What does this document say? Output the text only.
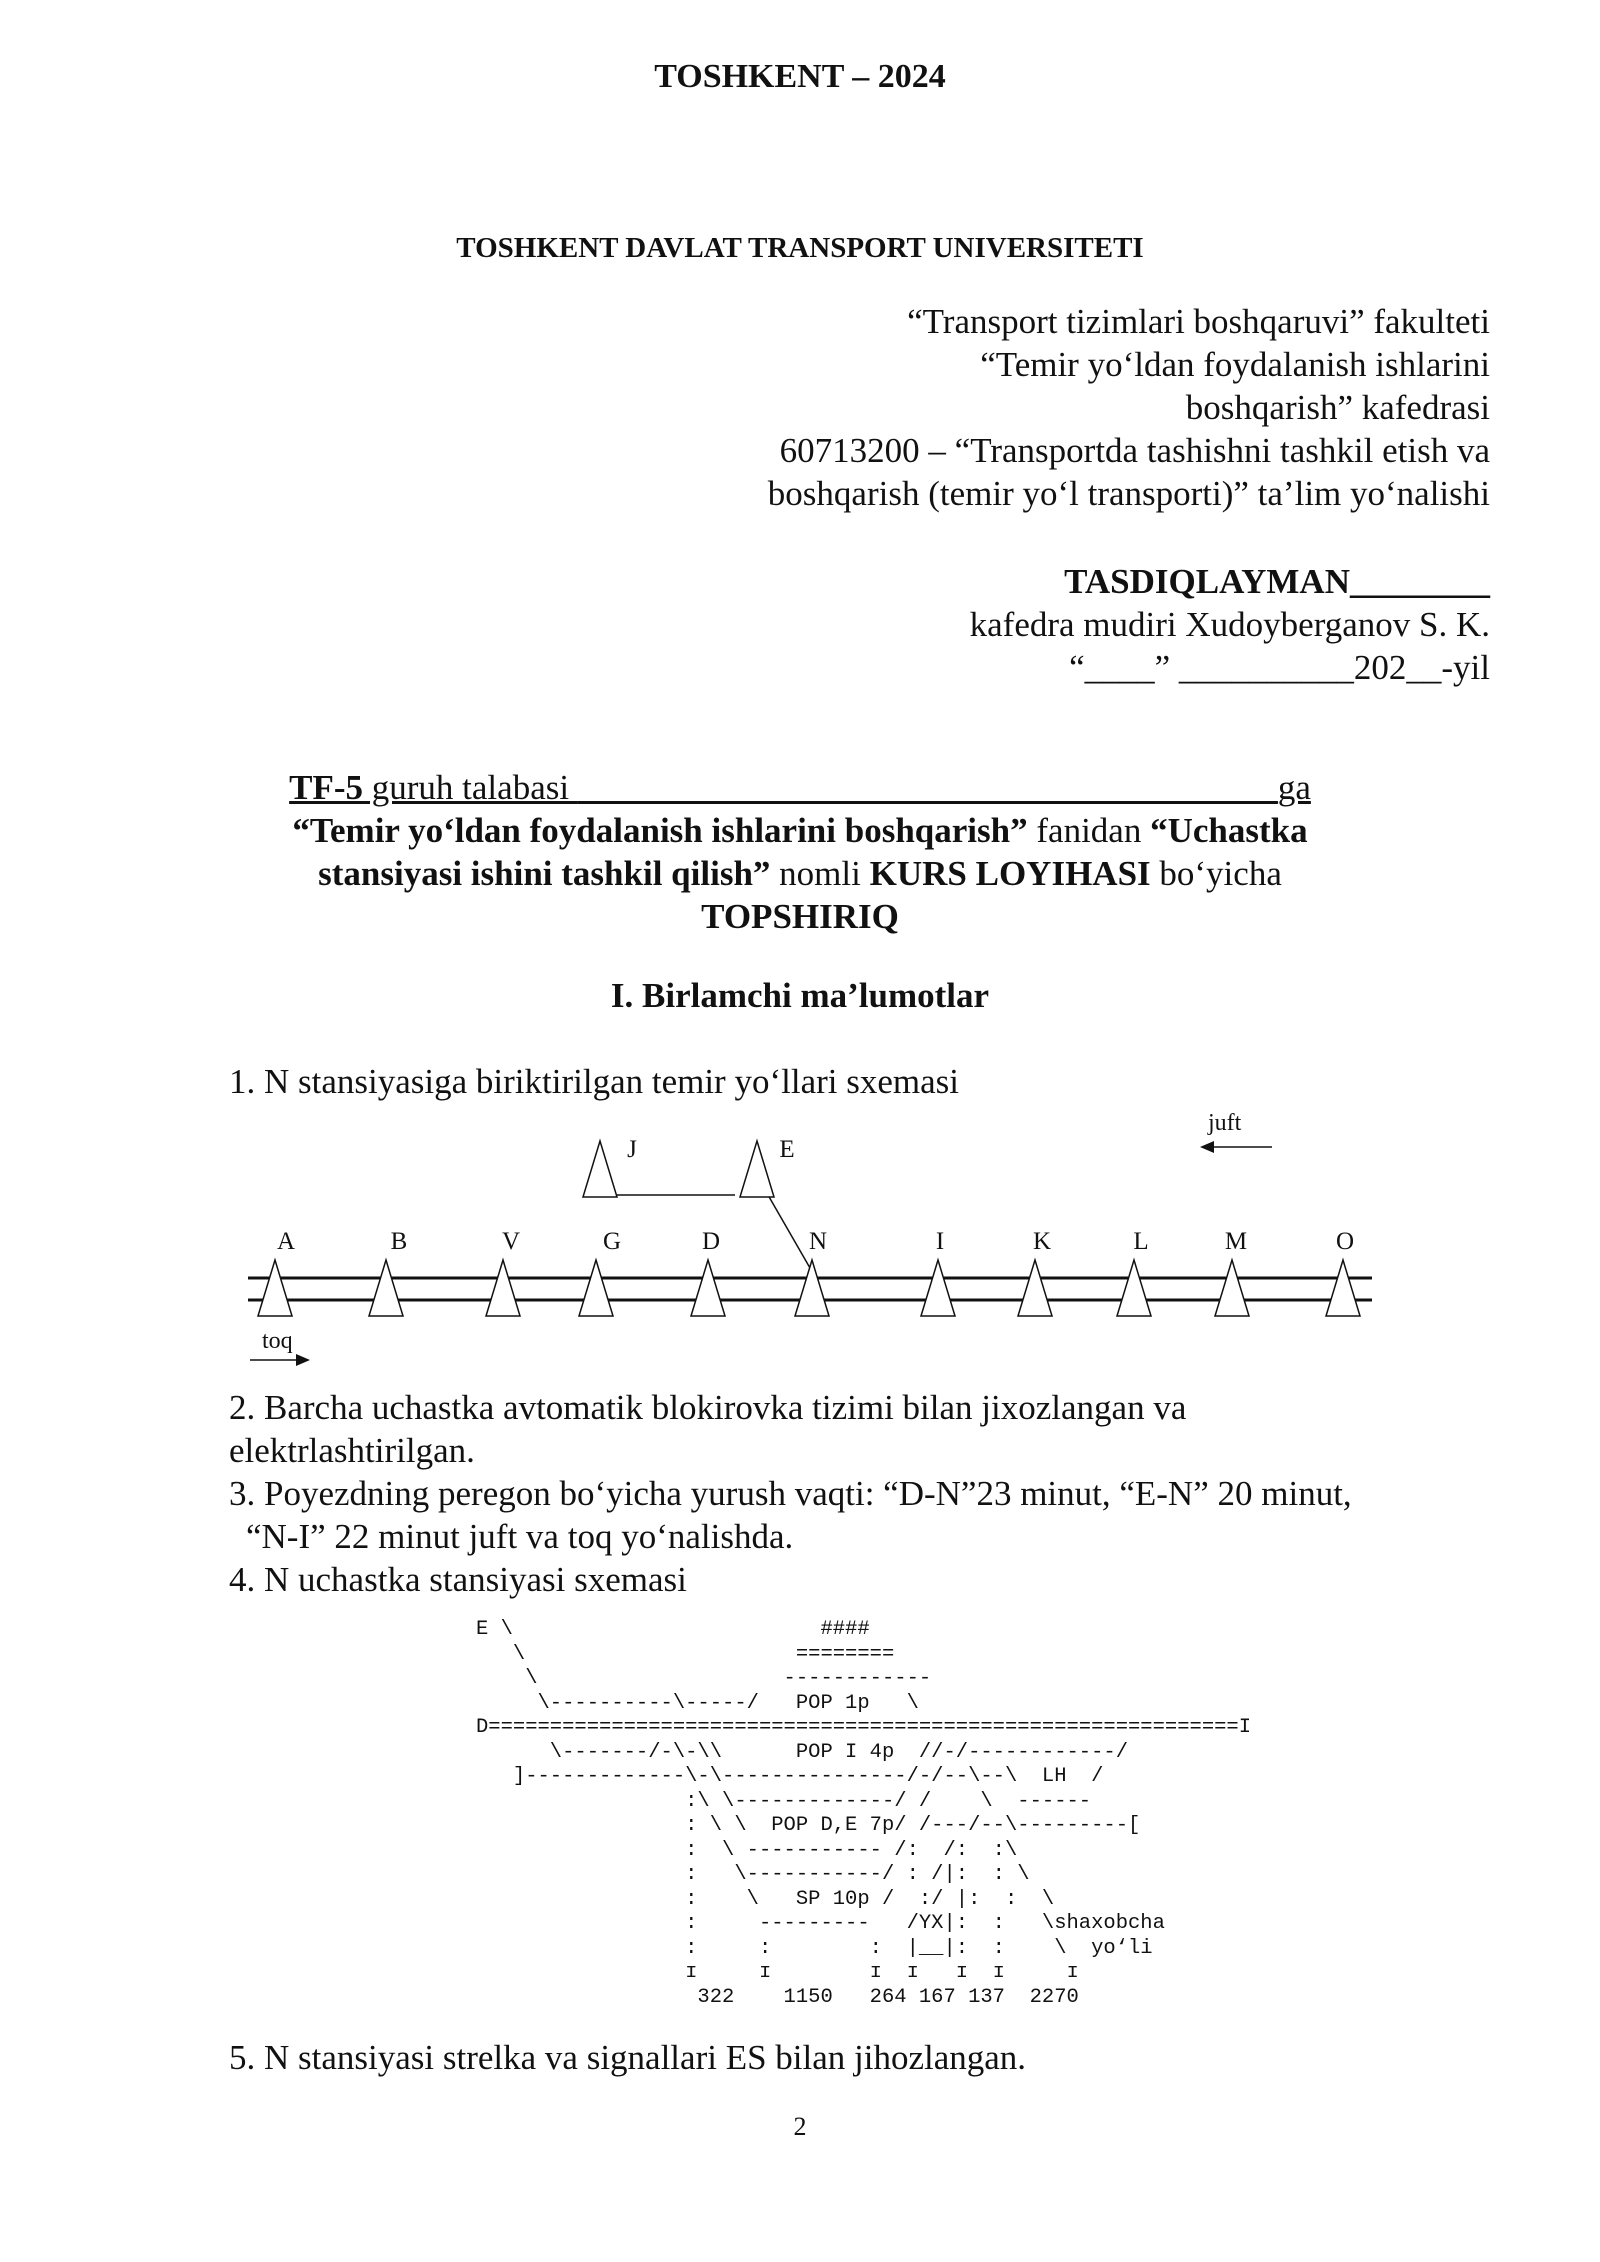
TOSHKENT – 2024
TOSHKENT DAVLAT TRANSPORT UNIVERSITETI
“Transport tizimlari boshqaruvi” fakulteti
“Temir yo‘ldan foydalanish ishlarini
boshqarish” kafedrasi
60713200 – “Transportda tashishni tashkil etish va
boshqarish (temir yo‘l transporti)” ta’lim yo‘nalishi
TASDIQLAYMAN________
kafedra mudiri Xudoyberganov S. K.
“____” __________202__-yil
TF-5 guruh talabasi ________________________________________ga
“Temir yo‘ldan foydalanish ishlarini boshqarish” fanidan “Uchastka
stansiyasi ishini tashkil qilish” nomli KURS LOYIHASI bo‘yicha
TOPSHIRIQ
I. Birlamchi ma’lumotlar
1. N stansiyasiga biriktirilgan temir yo‘llari sxemasi
A	B	V	G	D	N	I	K	L	M	O
J	E
juft
toq
2. Barcha uchastka avtomatik blokirovka tizimi bilan jixozlangan va
elektrlashtirilgan.
3. Poyezdning peregon bo‘yicha yurush vaqti: “D-N”23 minut, “E-N” 20 minut,
“N-I” 22 minut juft va toq yo‘nalishda.
4. N uchastka stansiyasi sxemasi
E \                         ####
\                      ========
\                    ------------
\----------\-----/   POP 1p   \
D=============================================================I
\-------/-\-\\      POP I 4p  //-/------------/
]-------------\-\---------------/-/--\--\  LH  /
:\ \-------------/ /    \  ------
: \ \  POP D,E 7p/ /---/--\---------[
:  \ ----------- /:  /:  :\
:   \-----------/ : /|:  : \
:    \   SP 10p /  :/ |:  :  \
:     ---------   /YX|:  :   \shaxobcha
:     :        :  |__|:  :    \  yo‘li
ɪ     ɪ        ɪ  ɪ   ɪ  ɪ     ɪ
322    1150   264 167 137  2270
5. N stansiyasi strelka va signallari ES bilan jihozlangan.
2
